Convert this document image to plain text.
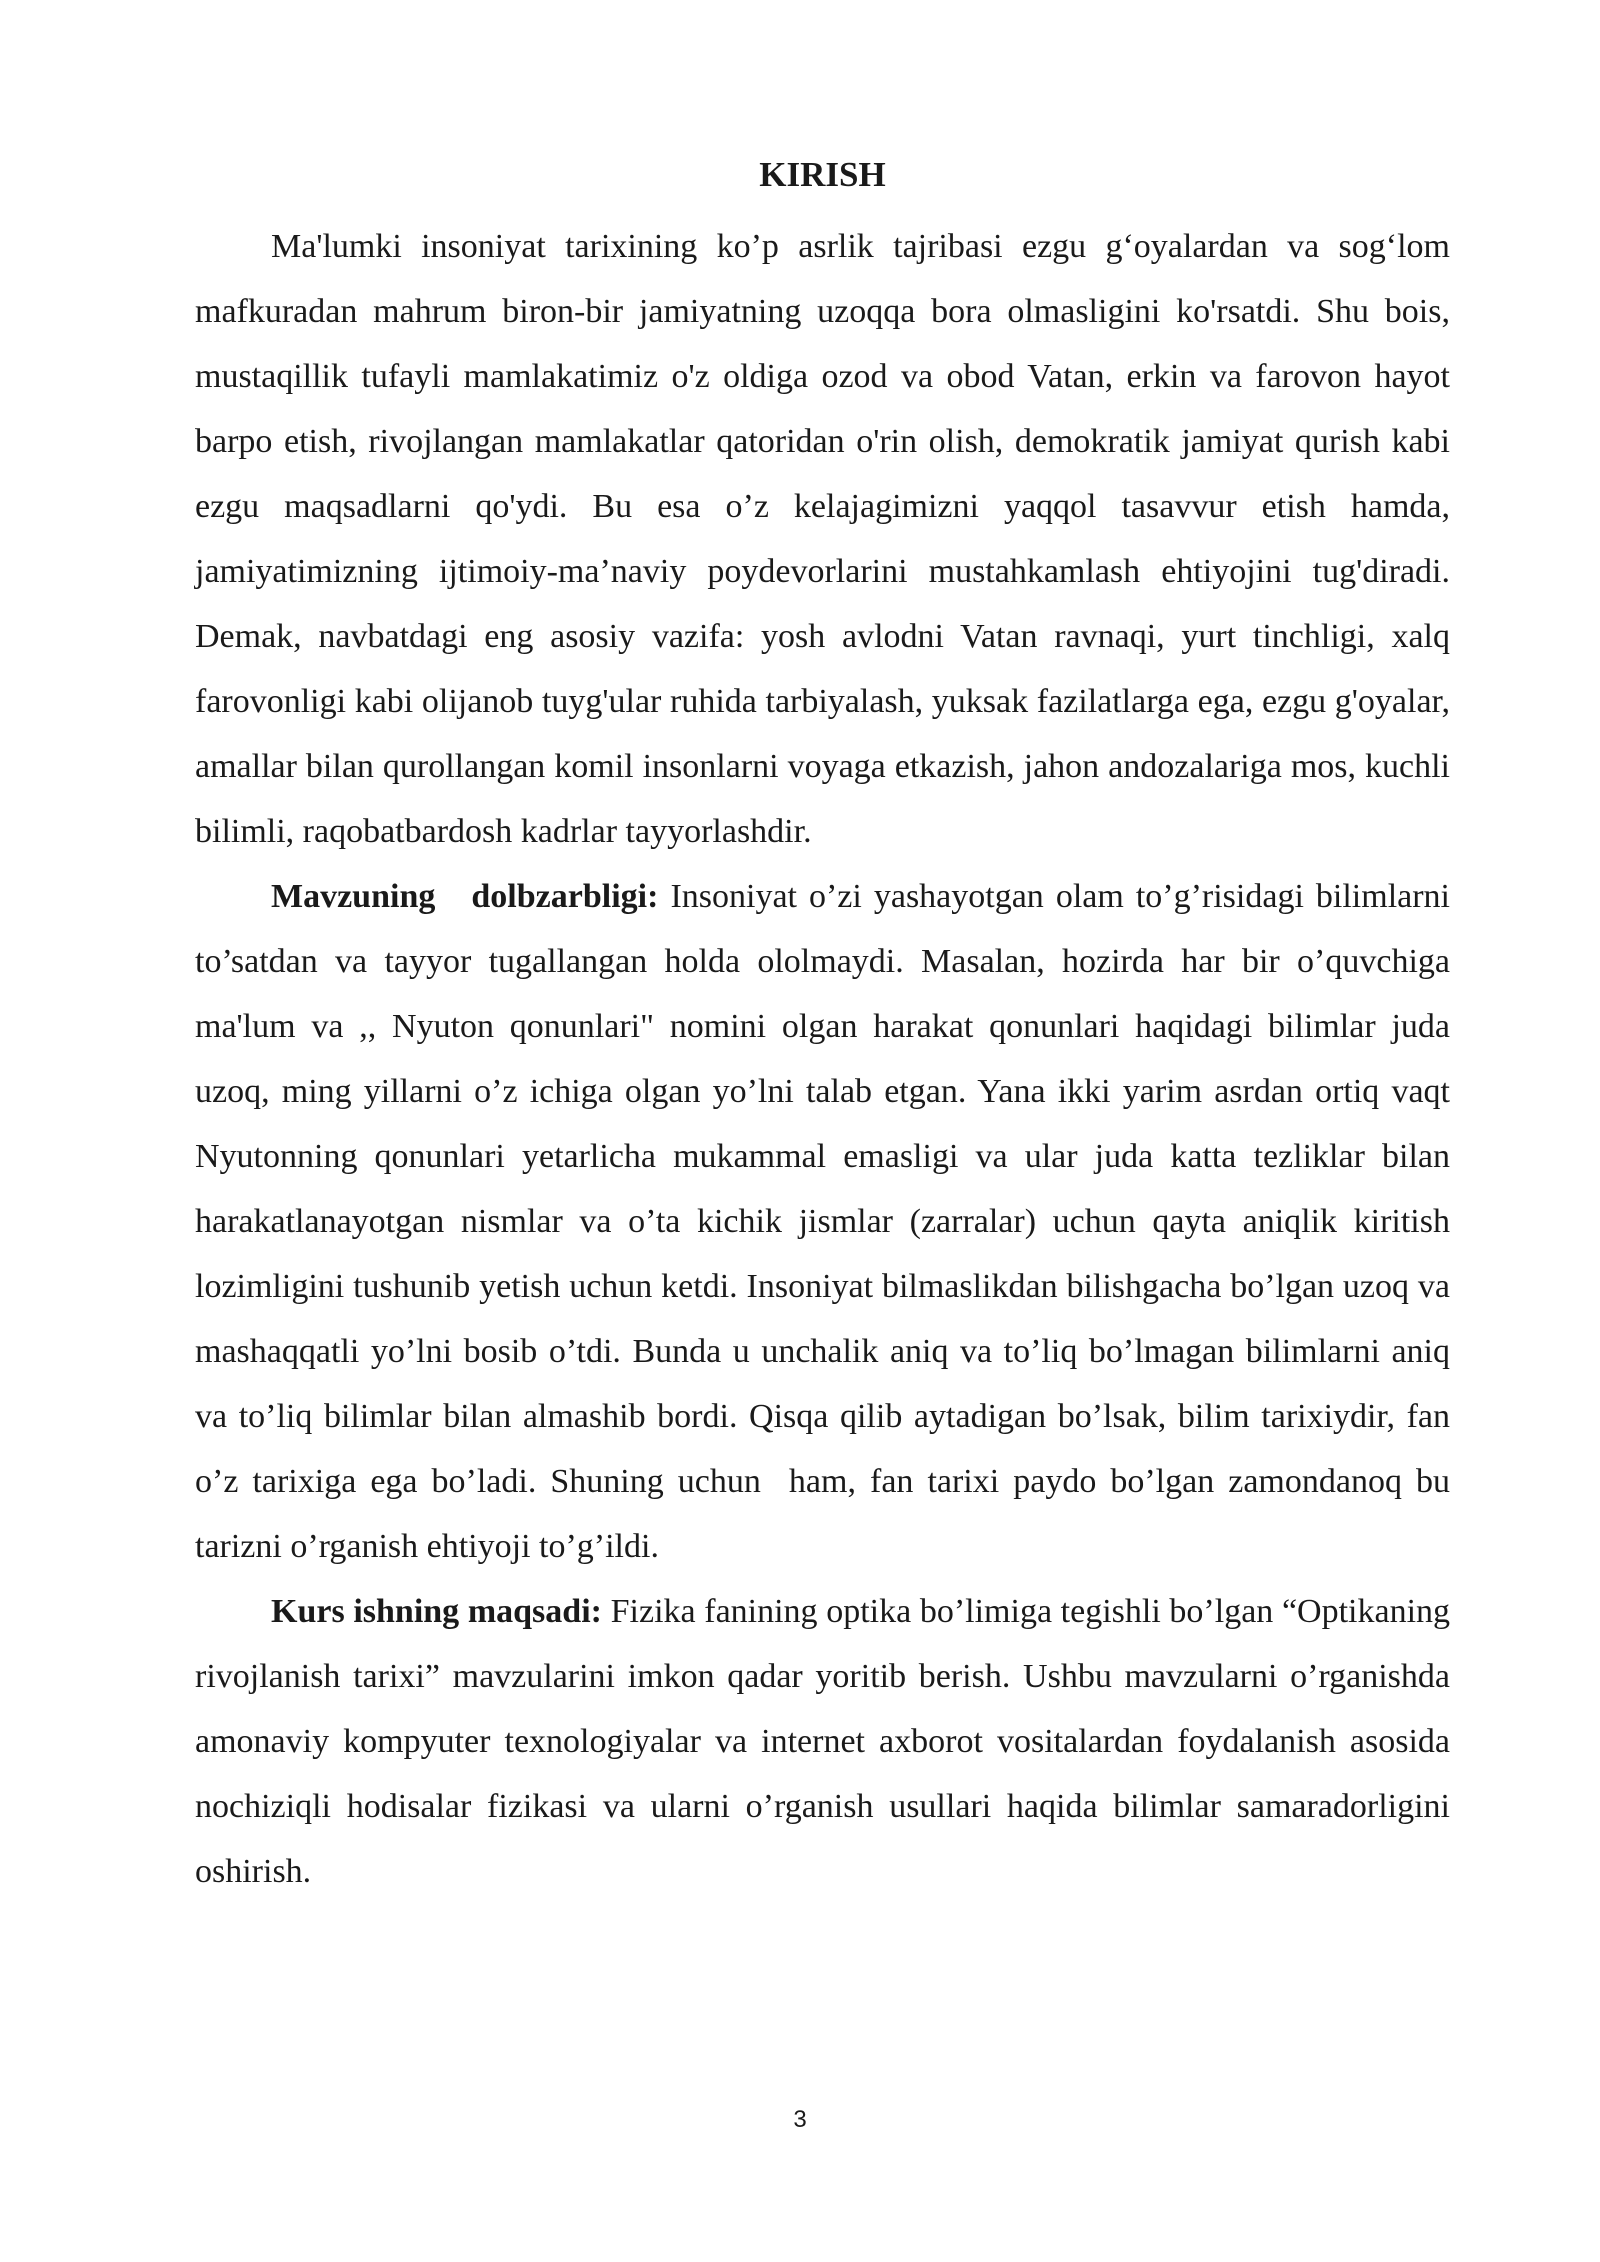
KIRISH

Ma'lumki insoniyat tarixining ko’p asrlik tajribasi ezgu g‘oyalardan va sog‘lom mafkuradan mahrum biron-bir jamiyatning uzoqqa bora olmasligini ko'rsatdi. Shu bois, mustaqillik tufayli mamlakatimiz o'z oldiga ozod va obod Vatan, erkin va farovon hayot barpo etish, rivojlangan mamlakatlar qatoridan o'rin olish, demokratik jamiyat qurish kabi ezgu maqsadlarni qo'ydi. Bu esa o’z kelajagimizni yaqqol tasavvur etish hamda, jamiyatimizning ijtimoiy-ma’naviy poydevorlarini mustahkamlash ehtiyojini tug'diradi. Demak, navbatdagi eng asosiy vazifa: yosh avlodni Vatan ravnaqi, yurt tinchligi, xalq farovonligi kabi olijanob tuyg'ular ruhida tarbiyalash, yuksak fazilatlarga ega, ezgu g'oyalar, amallar bilan qurollangan komil insonlarni voyaga etkazish, jahon andozalariga mos, kuchli bilimli, raqobatbardosh kadrlar tayyorlashdir.

Mavzuning   dolbzarbligi: Insoniyat o’zi yashayotgan olam to’g’risidagi bilimlarni to’satdan va tayyor tugallangan holda ololmaydi. Masalan, hozirda har bir o’quvchiga ma'lum va ,, Nyuton qonunlari" nomini olgan harakat qonunlari haqidagi bilimlar juda uzoq, ming yillarni o’z ichiga olgan yo’lni talab etgan. Yana ikki yarim asrdan ortiq vaqt Nyutonning qonunlari yetarlicha mukammal emasligi va ular juda katta tezliklar bilan harakatlanayotgan nismlar va o’ta kichik jismlar (zarralar) uchun qayta aniqlik kiritish lozimligini tushunib yetish uchun ketdi. Insoniyat bilmaslikdan bilishgacha bo’lgan uzoq va mashaqqatli yo’lni bosib o’tdi. Bunda u unchalik aniq va to’liq bo’lmagan bilimlarni aniq va to’liq bilimlar bilan almashib bordi. Qisqa qilib aytadigan bo’lsak, bilim tarixiydir, fan o’z tarixiga ega bo’ladi. Shuning uchun  ham, fan tarixi paydo bo’lgan zamondanoq bu tarizni o’rganish ehtiyoji to’g’ildi.

Kurs ishning maqsadi: Fizika fanining optika bo’limiga tegishli bo’lgan “Optikaning rivojlanish tarixi” mavzularini imkon qadar yoritib berish. Ushbu mavzularni o’rganishda amonaviy kompyuter texnologiyalar va internet axborot vositalardan foydalanish asosida nochiziqli hodisalar fizikasi va ularni o’rganish usullari haqida bilimlar samaradorligini oshirish.

3
